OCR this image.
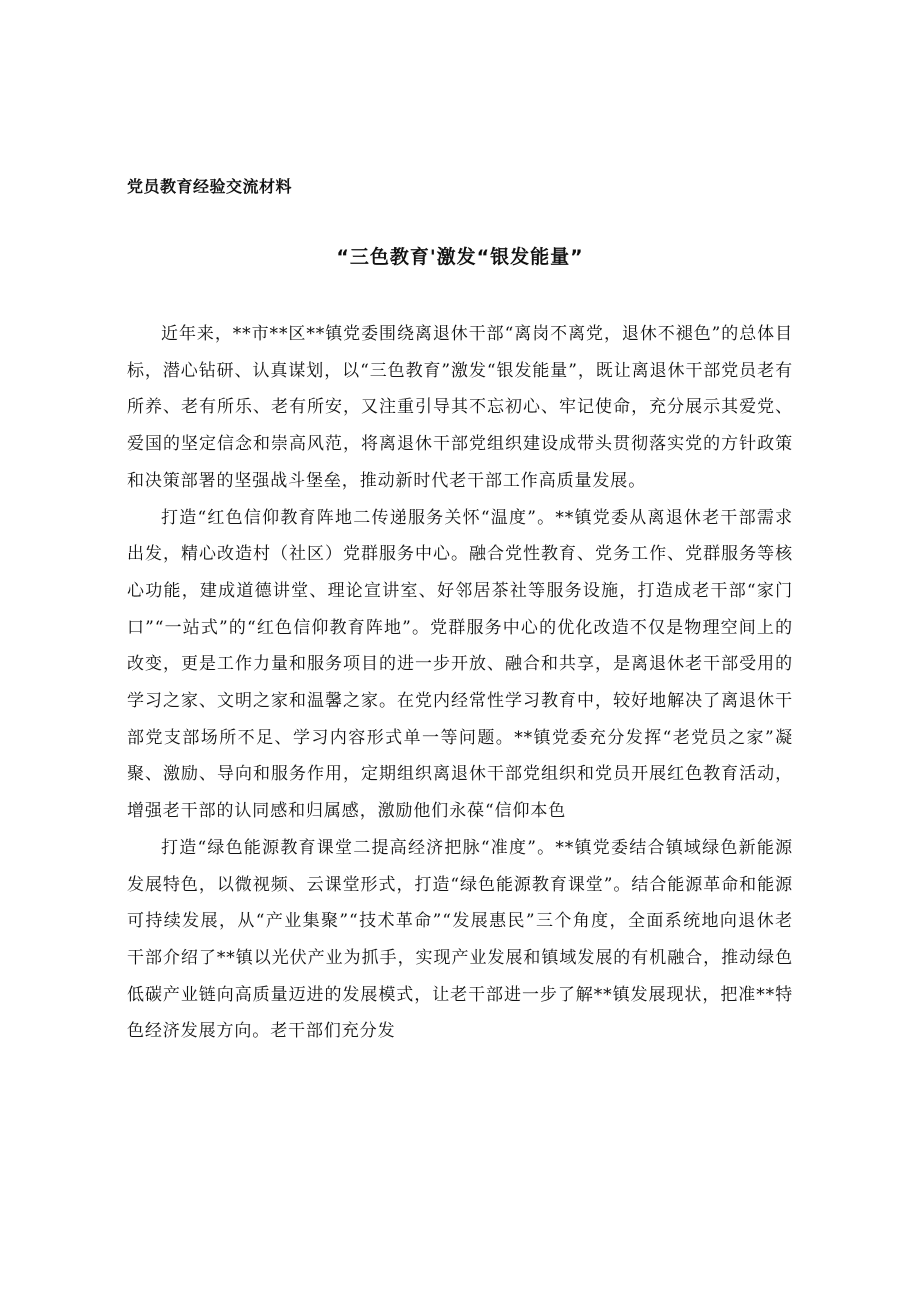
党员教育经验交流材料

“三色教育'激发“银发能量”

近年来，**市**区**镇党委围绕离退休干部“离岗不离党，退休不褪色”的总体目标，潜心钻研、认真谋划，以“三色教育”激发“银发能量”，既让离退休干部党员老有所养、老有所乐、老有所安，又注重引导其不忘初心、牢记使命，充分展示其爱党、爱国的坚定信念和崇高风范，将离退休干部党组织建设成带头贯彻落实党的方针政策和决策部署的坚强战斗堡垒，推动新时代老干部工作高质量发展。

打造“红色信仰教育阵地二传递服务关怀“温度”。**镇党委从离退休老干部需求出发，精心改造村（社区）党群服务中心。融合党性教育、党务工作、党群服务等核心功能，建成道德讲堂、理论宣讲室、好邻居茶社等服务设施，打造成老干部“家门口”“一站式”的“红色信仰教育阵地”。党群服务中心的优化改造不仅是物理空间上的改变，更是工作力量和服务项目的进一步开放、融合和共享，是离退休老干部受用的学习之家、文明之家和温馨之家。在党内经常性学习教育中，较好地解决了离退休干部党支部场所不足、学习内容形式单一等问题。**镇党委充分发挥“老党员之家”凝聚、激励、导向和服务作用，定期组织离退休干部党组织和党员开展红色教育活动，增强老干部的认同感和归属感，激励他们永葆“信仰本色

打造“绿色能源教育课堂二提高经济把脉“准度”。**镇党委结合镇域绿色新能源发展特色，以微视频、云课堂形式，打造“绿色能源教育课堂”。结合能源革命和能源可持续发展，从“产业集聚”“技术革命”“发展惠民”三个角度，全面系统地向退休老干部介绍了**镇以光伏产业为抓手，实现产业发展和镇域发展的有机融合，推动绿色低碳产业链向高质量迈进的发展模式，让老干部进一步了解**镇发展现状，把准**特色经济发展方向。老干部们充分发
